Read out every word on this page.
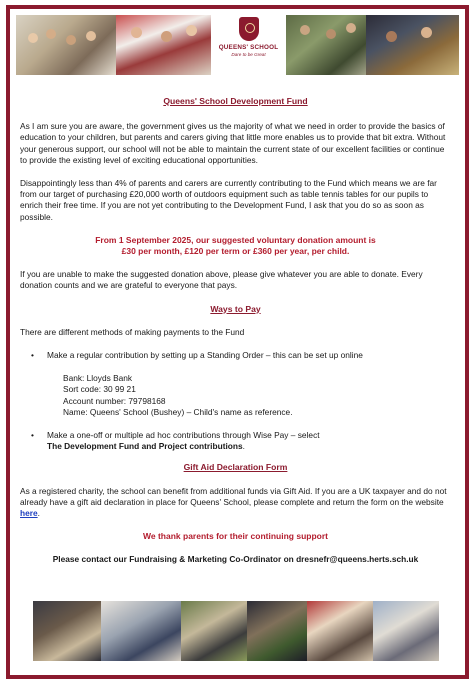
QUEENS' SCHOOL
Dare to be Great

Queens' School Development Fund

As I am sure you are aware, the government gives us the majority of what we need in order to provide the basics of education to your children, but parents and carers giving that little more enables us to provide that bit extra. Without your generous support, our school will not be able to maintain the current state of our excellent facilities or continue to provide the existing level of exciting educational opportunities.

Disappointingly less than 4% of parents and carers are currently contributing to the Fund which means we are far from our target of purchasing £20,000 worth of outdoors equipment such as table tennis tables for our pupils to enrich their free time. If you are not yet contributing to the Development Fund, I ask that you do so as soon as possible.

From 1 September 2025, our suggested voluntary donation amount is

£30 per month, £120 per term or £360 per year, per child.

If you are unable to make the suggested donation above, please give whatever you are able to donate. Every donation counts and we are grateful to everyone that pays.

Ways to Pay

There are different methods of making payments to the Fund

• Make a regular contribution by setting up a Standing Order – this can be set up online

Bank: Lloyds Bank

Sort code: 30 99 21

Account number: 79798168

Name: Queens' School (Bushey) – Child's name as reference.

• Make a one-off or multiple ad hoc contributions through Wise Pay – select
The Development Fund and Project contributions.

Gift Aid Declaration Form

As a registered charity, the school can benefit from additional funds via Gift Aid. If you are a UK taxpayer and do not already have a gift aid declaration in place for Queens' School, please complete and return the form on the website here.

We thank parents for their continuing support

Please contact our Fundraising & Marketing Co-Ordinator on dresnefr@queens.herts.sch.uk
